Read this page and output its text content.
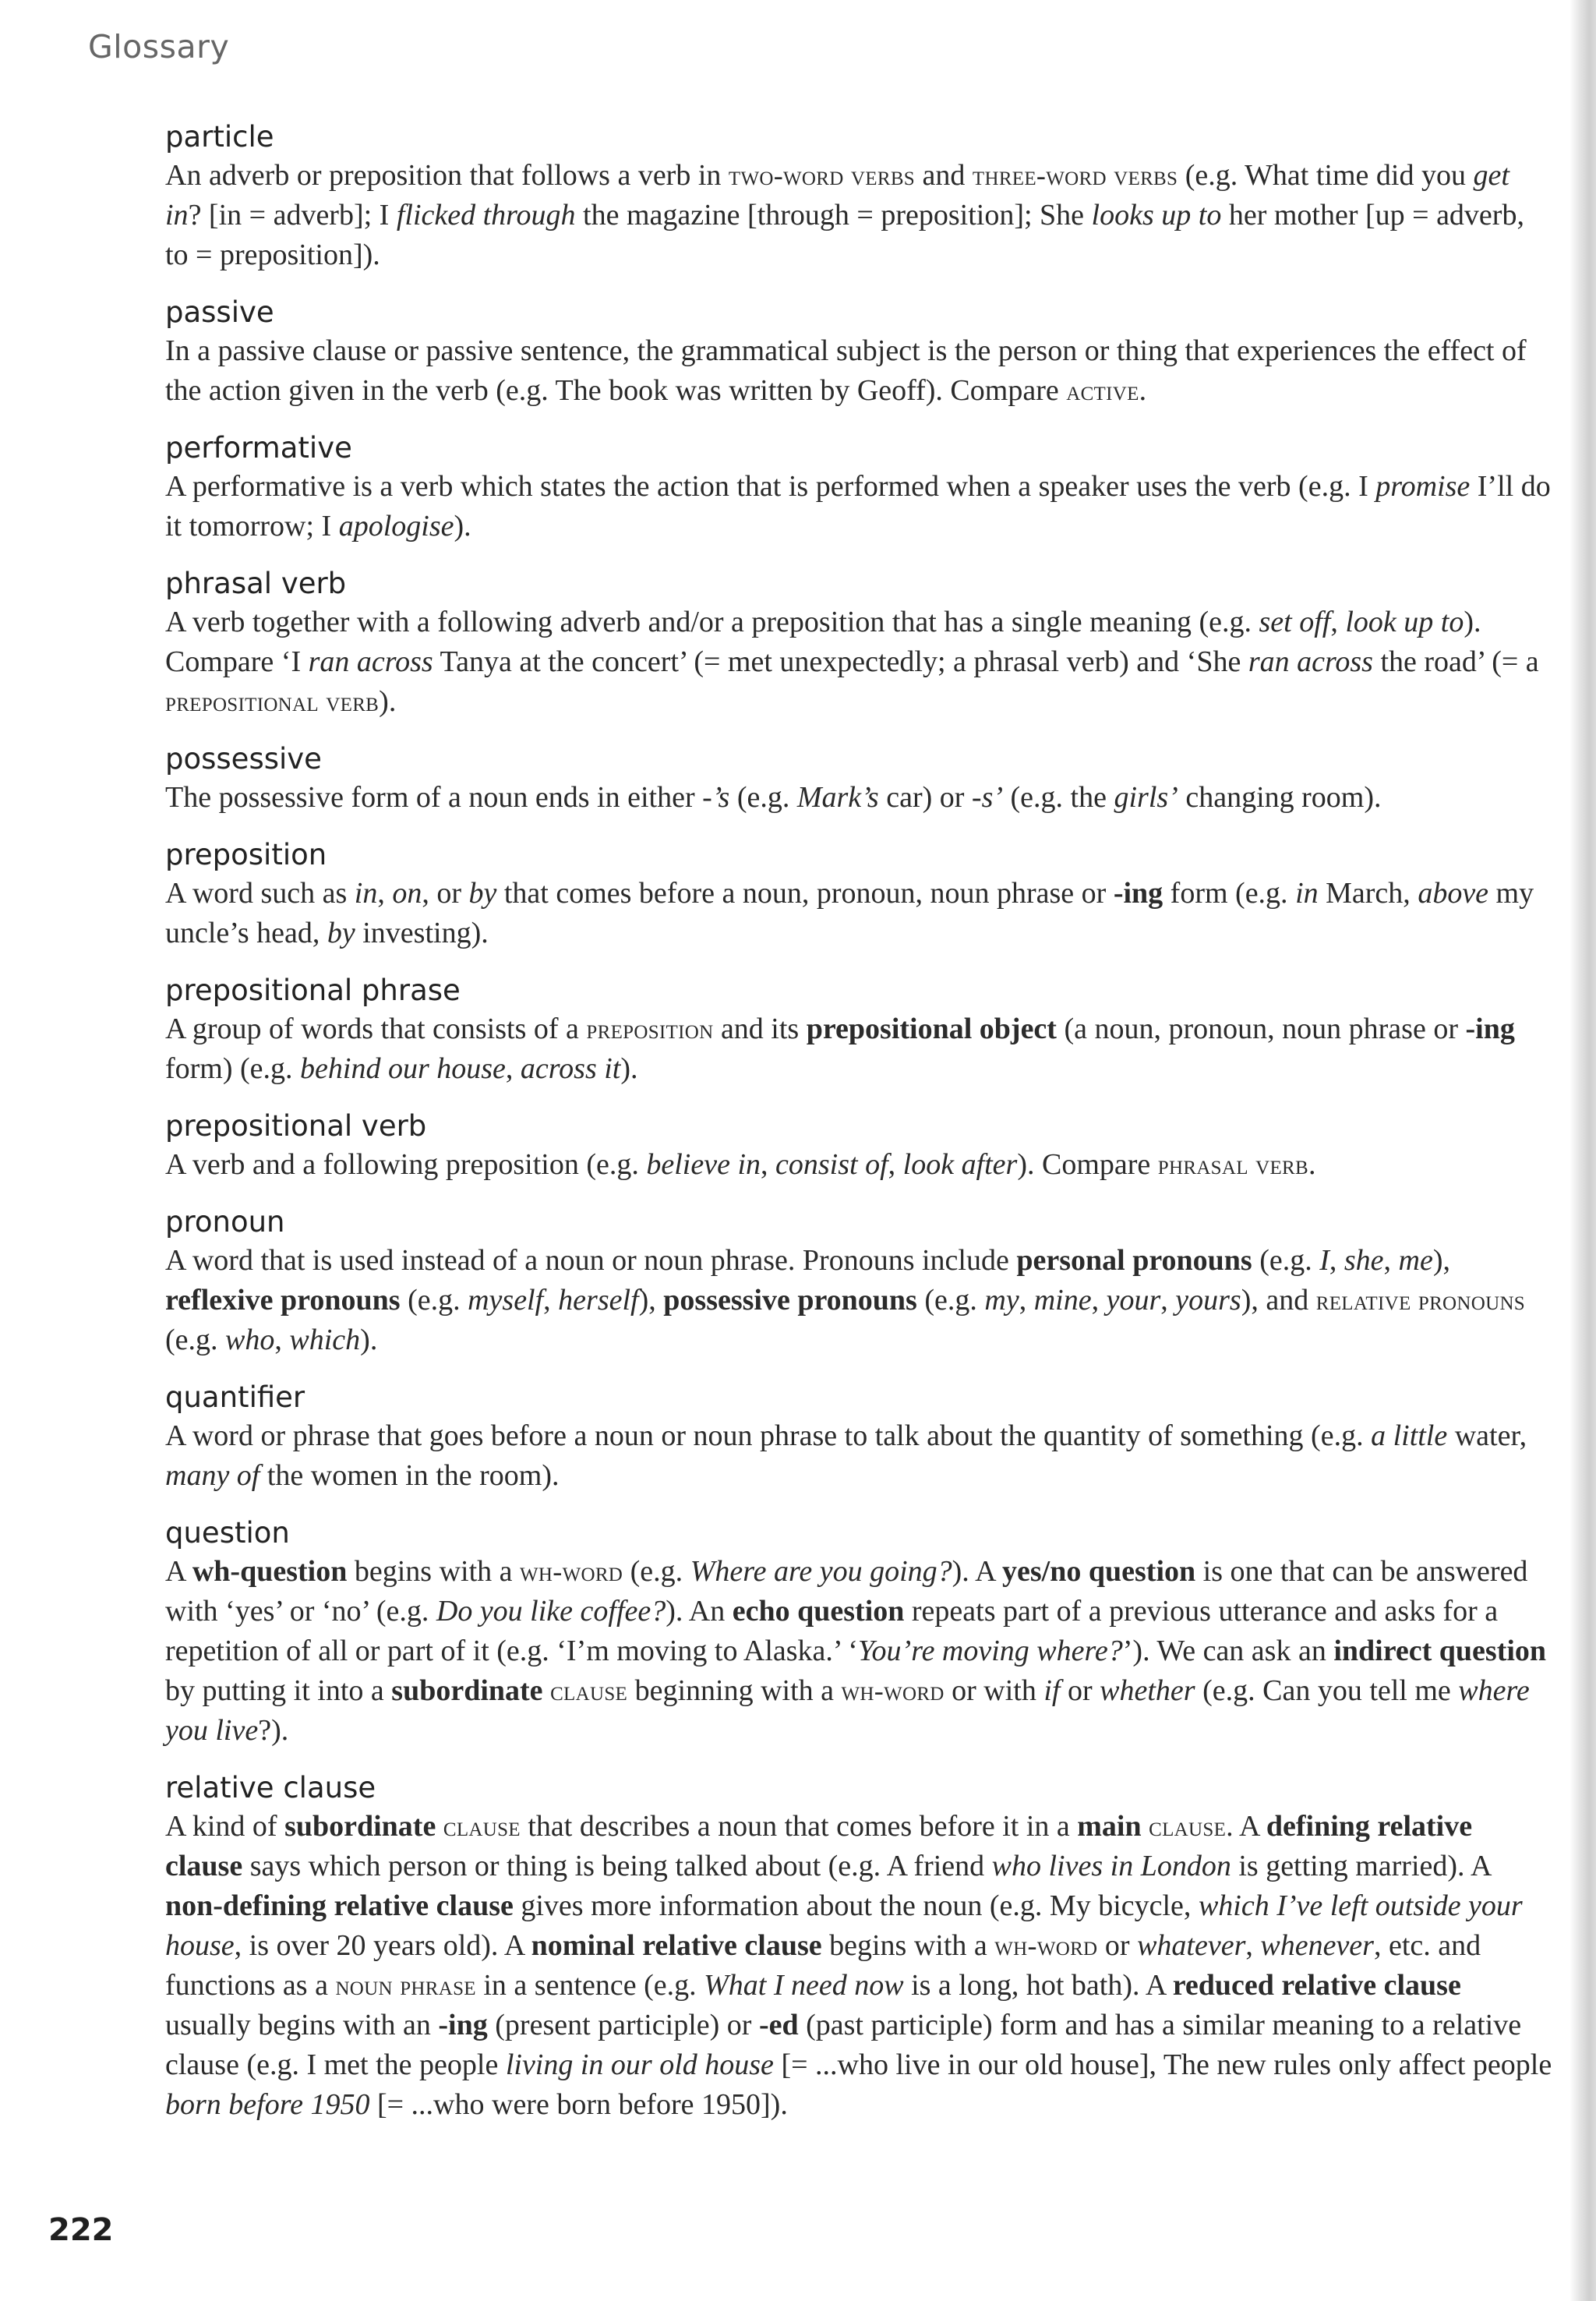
Glossary
particle
An adverb or preposition that follows a verb in two-word verbs and three-word verbs (e.g. What time did you get in? [in = adverb]; I flicked through the magazine [through = preposition]; She looks up to her mother [up = adverb, to = preposition]).
passive
In a passive clause or passive sentence, the grammatical subject is the person or thing that experiences the effect of the action given in the verb (e.g. The book was written by Geoff). Compare active.
performative
A performative is a verb which states the action that is performed when a speaker uses the verb (e.g. I promise I’ll do it tomorrow; I apologise).
phrasal verb
A verb together with a following adverb and/or a preposition that has a single meaning (e.g. set off, look up to). Compare ‘I ran across Tanya at the concert’ (= met unexpectedly; a phrasal verb) and ‘She ran across the road’ (= a prepositional verb).
possessive
The possessive form of a noun ends in either -’s (e.g. Mark’s car) or -s’ (e.g. the girls’ changing room).
preposition
A word such as in, on, or by that comes before a noun, pronoun, noun phrase or -ing form (e.g. in March, above my uncle’s head, by investing).
prepositional phrase
A group of words that consists of a preposition and its prepositional object (a noun, pronoun, noun phrase or -ing form) (e.g. behind our house, across it).
prepositional verb
A verb and a following preposition (e.g. believe in, consist of, look after). Compare phrasal verb.
pronoun
A word that is used instead of a noun or noun phrase. Pronouns include personal pronouns (e.g. I, she, me), reflexive pronouns (e.g. myself, herself), possessive pronouns (e.g. my, mine, your, yours), and relative pronouns (e.g. who, which).
quantifier
A word or phrase that goes before a noun or noun phrase to talk about the quantity of something (e.g. a little water, many of the women in the room).
question
A wh-question begins with a wh-word (e.g. Where are you going?). A yes/no question is one that can be answered with ‘yes’ or ‘no’ (e.g. Do you like coffee?). An echo question repeats part of a previous utterance and asks for a repetition of all or part of it (e.g. ‘I’m moving to Alaska.’ ‘You’re moving where?’). We can ask an indirect question by putting it into a subordinate clause beginning with a wh-word or with if or whether (e.g. Can you tell me where you live?).
relative clause
A kind of subordinate clause that describes a noun that comes before it in a main clause. A defining relative clause says which person or thing is being talked about (e.g. A friend who lives in London is getting married). A non-defining relative clause gives more information about the noun (e.g. My bicycle, which I’ve left outside your house, is over 20 years old). A nominal relative clause begins with a wh-word or whatever, whenever, etc. and functions as a noun phrase in a sentence (e.g. What I need now is a long, hot bath). A reduced relative clause usually begins with an -ing (present participle) or -ed (past participle) form and has a similar meaning to a relative clause (e.g. I met the people living in our old house [= ...who live in our old house], The new rules only affect people born before 1950 [= ...who were born before 1950]).
222
